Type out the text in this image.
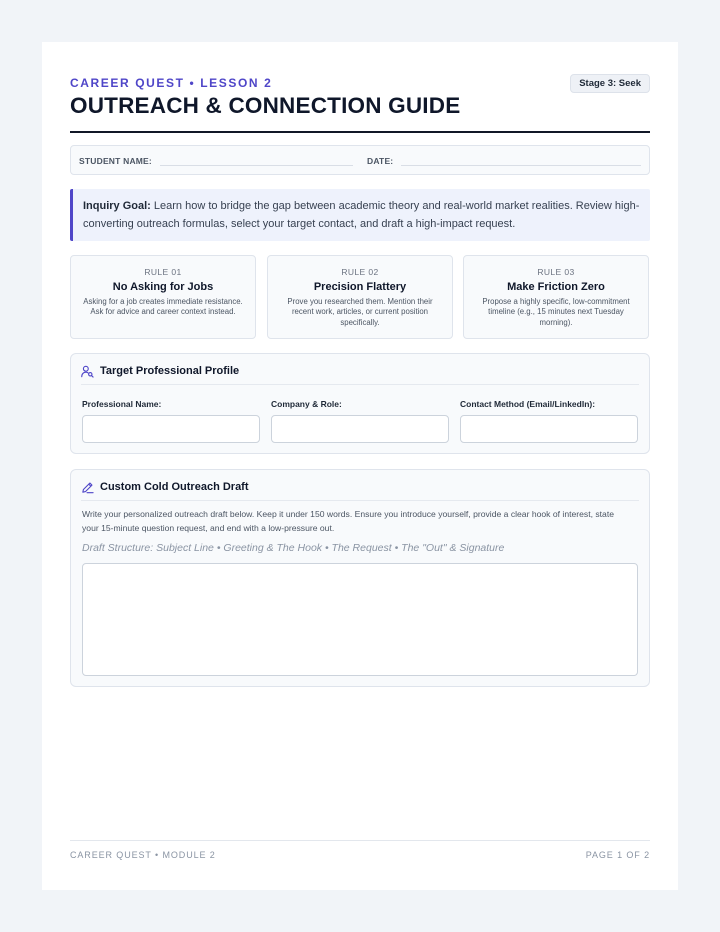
CAREER QUEST • LESSON 2	Stage 3: Seek
OUTREACH & CONNECTION GUIDE
STUDENT NAME:	DATE:
Inquiry Goal: Learn how to bridge the gap between academic theory and real-world market realities. Review high-converting outreach formulas, select your target contact, and draft a high-impact request.
RULE 01
No Asking for Jobs
Asking for a job creates immediate resistance. Ask for advice and career context instead.
RULE 02
Precision Flattery
Prove you researched them. Mention their recent work, articles, or current position specifically.
RULE 03
Make Friction Zero
Propose a highly specific, low-commitment timeline (e.g., 15 minutes next Tuesday morning).
Target Professional Profile
Professional Name:	Company & Role:	Contact Method (Email/LinkedIn):
Custom Cold Outreach Draft
Write your personalized outreach draft below. Keep it under 150 words. Ensure you introduce yourself, provide a clear hook of interest, state your 15-minute question request, and end with a low-pressure out.
Draft Structure: Subject Line • Greeting & The Hook • The Request • The "Out" & Signature
CAREER QUEST • MODULE 2	PAGE 1 OF 2
